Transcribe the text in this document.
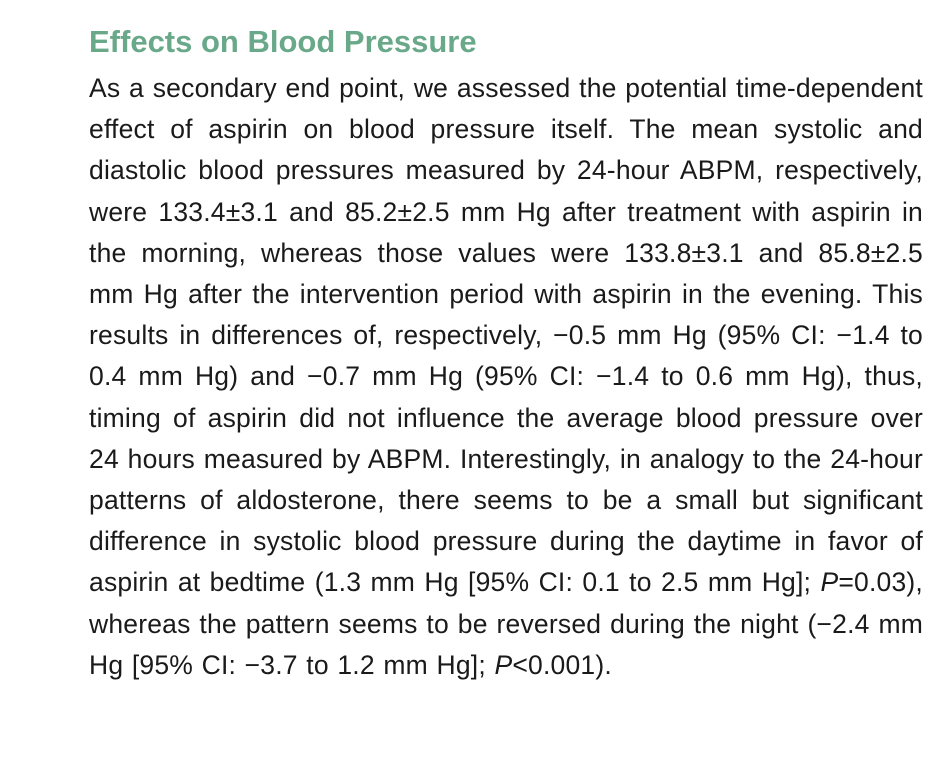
Effects on Blood Pressure

As a secondary end point, we assessed the potential time-dependent effect of aspirin on blood pressure itself. The mean systolic and diastolic blood pressures measured by 24-hour ABPM, respectively, were 133.4±3.1 and 85.2±2.5 mm Hg after treatment with aspirin in the morning, whereas those values were 133.8±3.1 and 85.8±2.5 mm Hg after the intervention period with aspirin in the evening. This results in differences of, respectively, −0.5 mm Hg (95% CI: −1.4 to 0.4 mm Hg) and −0.7 mm Hg (95% CI: −1.4 to 0.6 mm Hg), thus, timing of aspirin did not influence the average blood pressure over 24 hours measured by ABPM. Interestingly, in analogy to the 24-hour patterns of aldosterone, there seems to be a small but significant difference in systolic blood pressure during the daytime in favor of aspirin at bedtime (1.3 mm Hg [95% CI: 0.1 to 2.5 mm Hg]; P=0.03), whereas the pattern seems to be reversed during the night (−2.4 mm Hg [95% CI: −3.7 to 1.2 mm Hg]; P<0.001).
